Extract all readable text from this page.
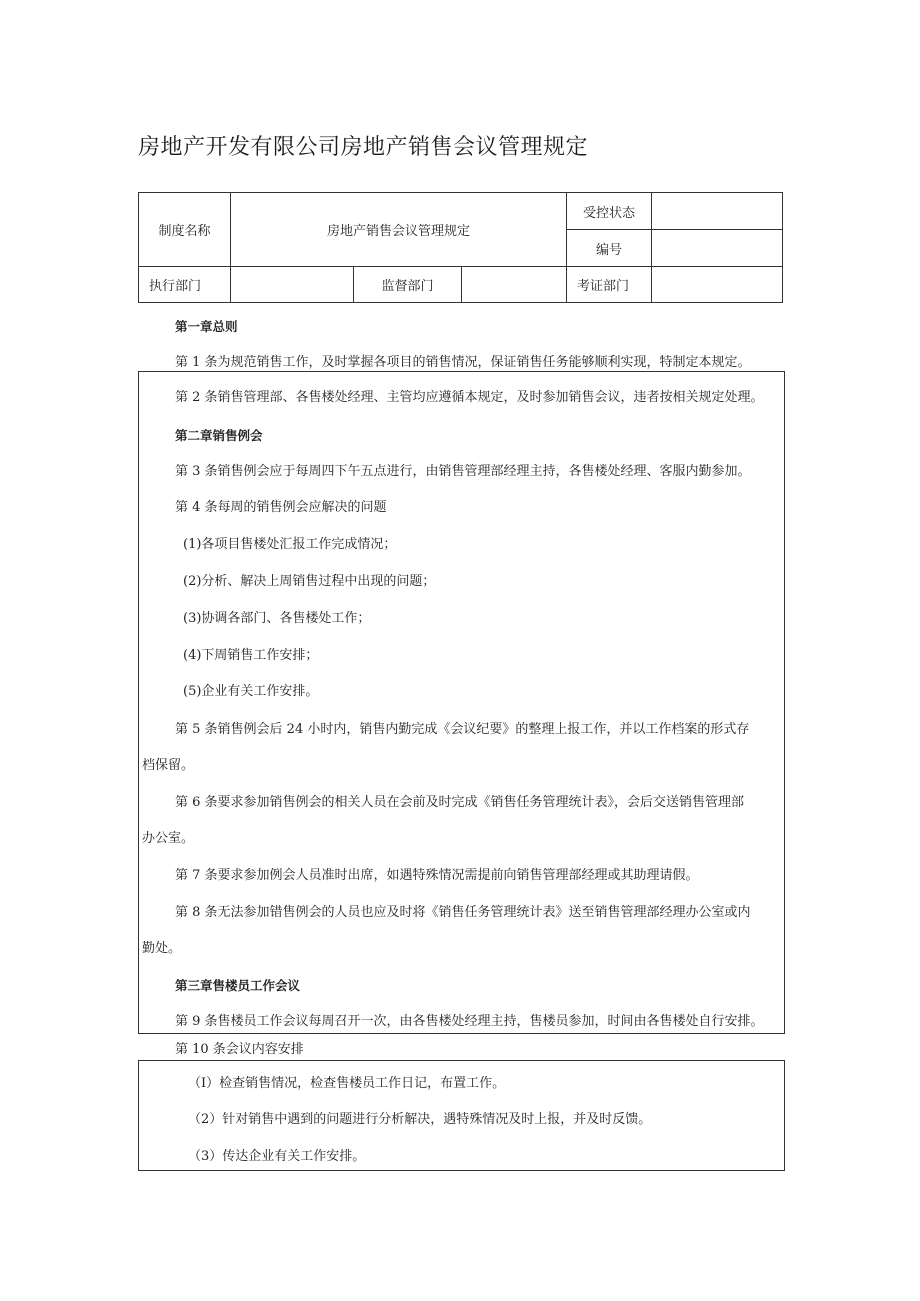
房地产开发有限公司房地产销售会议管理规定
制度名称	房地产销售会议管理规定			受控状态	
				编号	
执行部门		监督部门		考证部门	
第一章总则
第 1 条为规范销售工作，及时掌握各项目的销售情况，保证销售任务能够顺利实现，特制定本规定。
第 2 条销售管理部、各售楼处经理、主管均应遵循本规定，及时参加销售会议，违者按相关规定处理。
第二章销售例会
第 3 条销售例会应于每周四下午五点进行，由销售管理部经理主持，各售楼处经理、客服内勤参加。
第 4 条每周的销售例会应解决的问题
(1)各项目售楼处汇报工作完成情况；
(2)分析、解决上周销售过程中出现的问题；
(3)协调各部门、各售楼处工作；
(4)下周销售工作安排；
(5)企业有关工作安排。
第 5 条销售例会后 24 小时内，销售内勤完成《会议纪要》的整理上报工作，并以工作档案的形式存
档保留。
第 6 条要求参加销售例会的相关人员在会前及时完成《销售任务管理统计表》，会后交送销售管理部
办公室。
第 7 条要求参加例会人员准时出席，如遇特殊情况需提前向销售管理部经理或其助理请假。
第 8 条无法参加错售例会的人员也应及时将《销售任务管理统计表》送至销售管理部经理办公室或内
勤处。
第三章售楼员工作会议
第 9 条售楼员工作会议每周召开一次，由各售楼处经理主持，售楼员参加，时间由各售楼处自行安排。
第 10 条会议内容安排
（I）检查销售情况，检查售楼员工作日记，布置工作。
（2）针对销售中遇到的问题进行分析解决，遇特殊情况及时上报，并及时反馈。
（3）传达企业有关工作安排。
